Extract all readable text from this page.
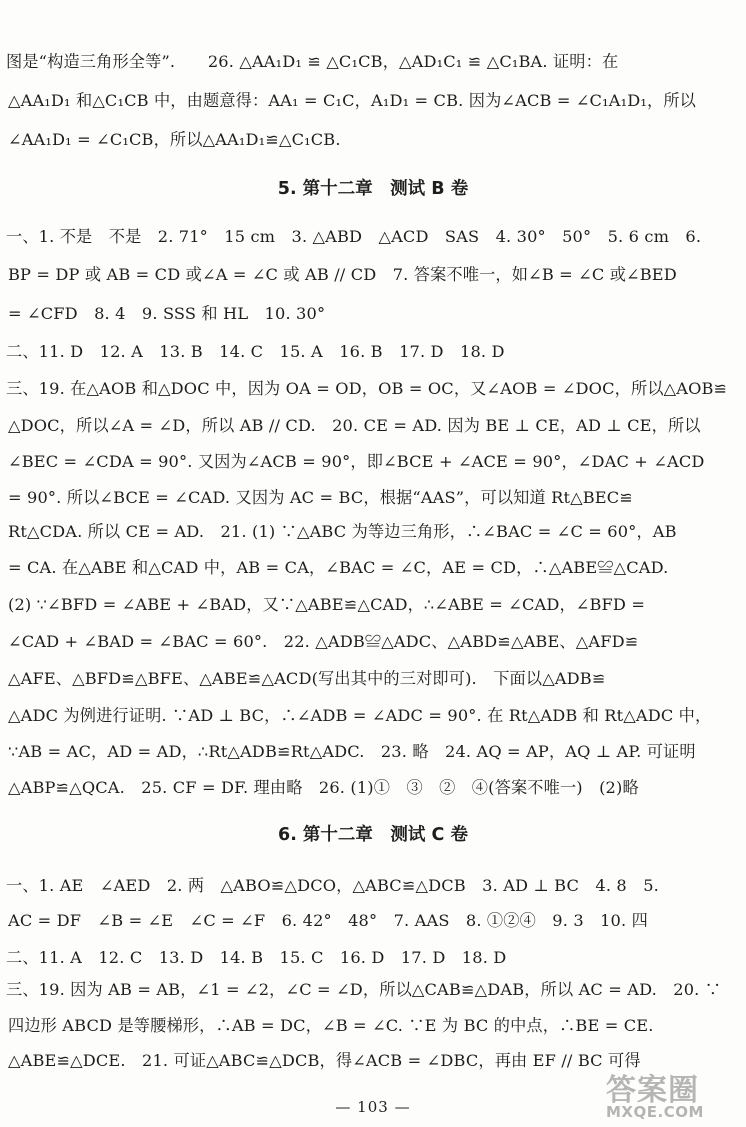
图是“构造三角形全等”.　　26. △AA₁D₁ ≌ △C₁CB，△AD₁C₁ ≌ △C₁BA. 证明：在
△AA₁D₁ 和△C₁CB 中，由题意得：AA₁ = C₁C，A₁D₁ = CB. 因为∠ACB = ∠C₁A₁D₁，所以
∠AA₁D₁ = ∠C₁CB，所以△AA₁D₁≌△C₁CB.
5. 第十二章　测试 B 卷
一、1. 不是　不是　2. 71°　15 cm　3. △ABD　△ACD　SAS　4. 30°　50°　5. 6 cm　6.
BP = DP 或 AB = CD 或∠A = ∠C 或 AB // CD　7. 答案不唯一，如∠B = ∠C 或∠BED
= ∠CFD　8. 4　9. SSS 和 HL　10. 30°
二、11. D　12. A　13. B　14. C　15. A　16. B　17. D　18. D
三、19. 在△AOB 和△DOC 中，因为 OA = OD，OB = OC，又∠AOB = ∠DOC，所以△AOB≌
△DOC，所以∠A = ∠D，所以 AB // CD.　20. CE = AD. 因为 BE ⊥ CE，AD ⊥ CE，所以
∠BEC = ∠CDA = 90°. 又因为∠ACB = 90°，即∠BCE + ∠ACE = 90°，∠DAC + ∠ACD
= 90°. 所以∠BCE = ∠CAD. 又因为 AC = BC，根据“AAS”，可以知道 Rt△BEC≌
Rt△CDA. 所以 CE = AD.　21. (1) ∵△ABC 为等边三角形，∴∠BAC = ∠C = 60°，AB
= CA. 在△ABE 和△CAD 中，AB = CA，∠BAC = ∠C，AE = CD，∴△ABE≌△CAD.
(2) ∵∠BFD = ∠ABE + ∠BAD，又∵△ABE≌△CAD，∴∠ABE = ∠CAD，∠BFD =
∠CAD + ∠BAD = ∠BAC = 60°.　22. △ADB≌△ADC、△ABD≌△ABE、△AFD≌
△AFE、△BFD≌△BFE、△ABE≌△ACD(写出其中的三对即可).　下面以△ADB≌
△ADC 为例进行证明. ∵AD ⊥ BC，∴∠ADB = ∠ADC = 90°. 在 Rt△ADB 和 Rt△ADC 中，
∵AB = AC，AD = AD，∴Rt△ADB≌Rt△ADC.　23. 略　24. AQ = AP，AQ ⊥ AP. 可证明
△ABP≌△QCA.　25. CF = DF. 理由略　26. (1)①　③　②　④(答案不唯一)　(2)略
6. 第十二章　测试 C 卷
一、1. AE　∠AED　2. 两　△ABO≌△DCO，△ABC≌△DCB　3. AD ⊥ BC　4. 8　5.
AC = DF　∠B = ∠E　∠C = ∠F　6. 42°　48°　7. AAS　8. ①②④　9. 3　10. 四
二、11. A　12. C　13. D　14. B　15. C　16. D　17. D　18. D
三、19. 因为 AB = AB，∠1 = ∠2，∠C = ∠D，所以△CAB≌△DAB，所以 AC = AD.　20. ∵
四边形 ABCD 是等腰梯形，∴AB = DC，∠B = ∠C. ∵E 为 BC 的中点，∴BE = CE.
△ABE≌△DCE.　21. 可证△ABC≌△DCB，得∠ACB = ∠DBC，再由 EF // BC 可得
— 103 —	答案圈
MXQE.COM
